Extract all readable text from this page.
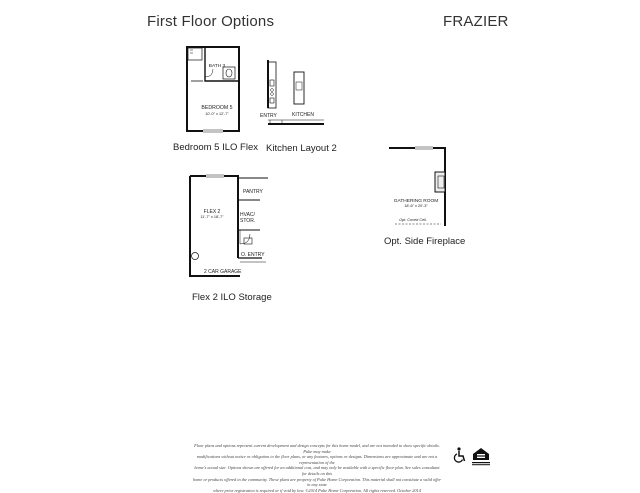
First Floor Options	FRAZIER
BATH 3
BEDROOM 5
10'-0" x 12'-7"
Bedroom 5 ILO Flex
ENTRY	KITCHEN
Kitchen Layout 2
PANTRY
FLEX 2
11'-7" x 18'-7"	HVAC/
STOR.
O. ENTRY
2 CAR GARAGE
Flex 2 ILO Storage
GATHERING ROOM
18'-6" x 20'-3"
Opt. Coved Ceil.
Opt. Side Fireplace
Floor plans and options represent current development and design concepts for this home model, and are not intended to show specific details. Pulte may make
modifications without notice or obligation to the floor plans, or any features, options or designs. Dimensions are approximate and are not a representation of the
home's actual size. Options shown are offered for an additional cost, and may only be available with a specific floor plan. See sales consultant for details on this
home or products offered in the community. These plans are property of Pulte Home Corporation. This material shall not constitute a valid offer in any state
where prior registration is required or if void by law. ©2014 Pulte Home Corporation. All rights reserved. October 2014
